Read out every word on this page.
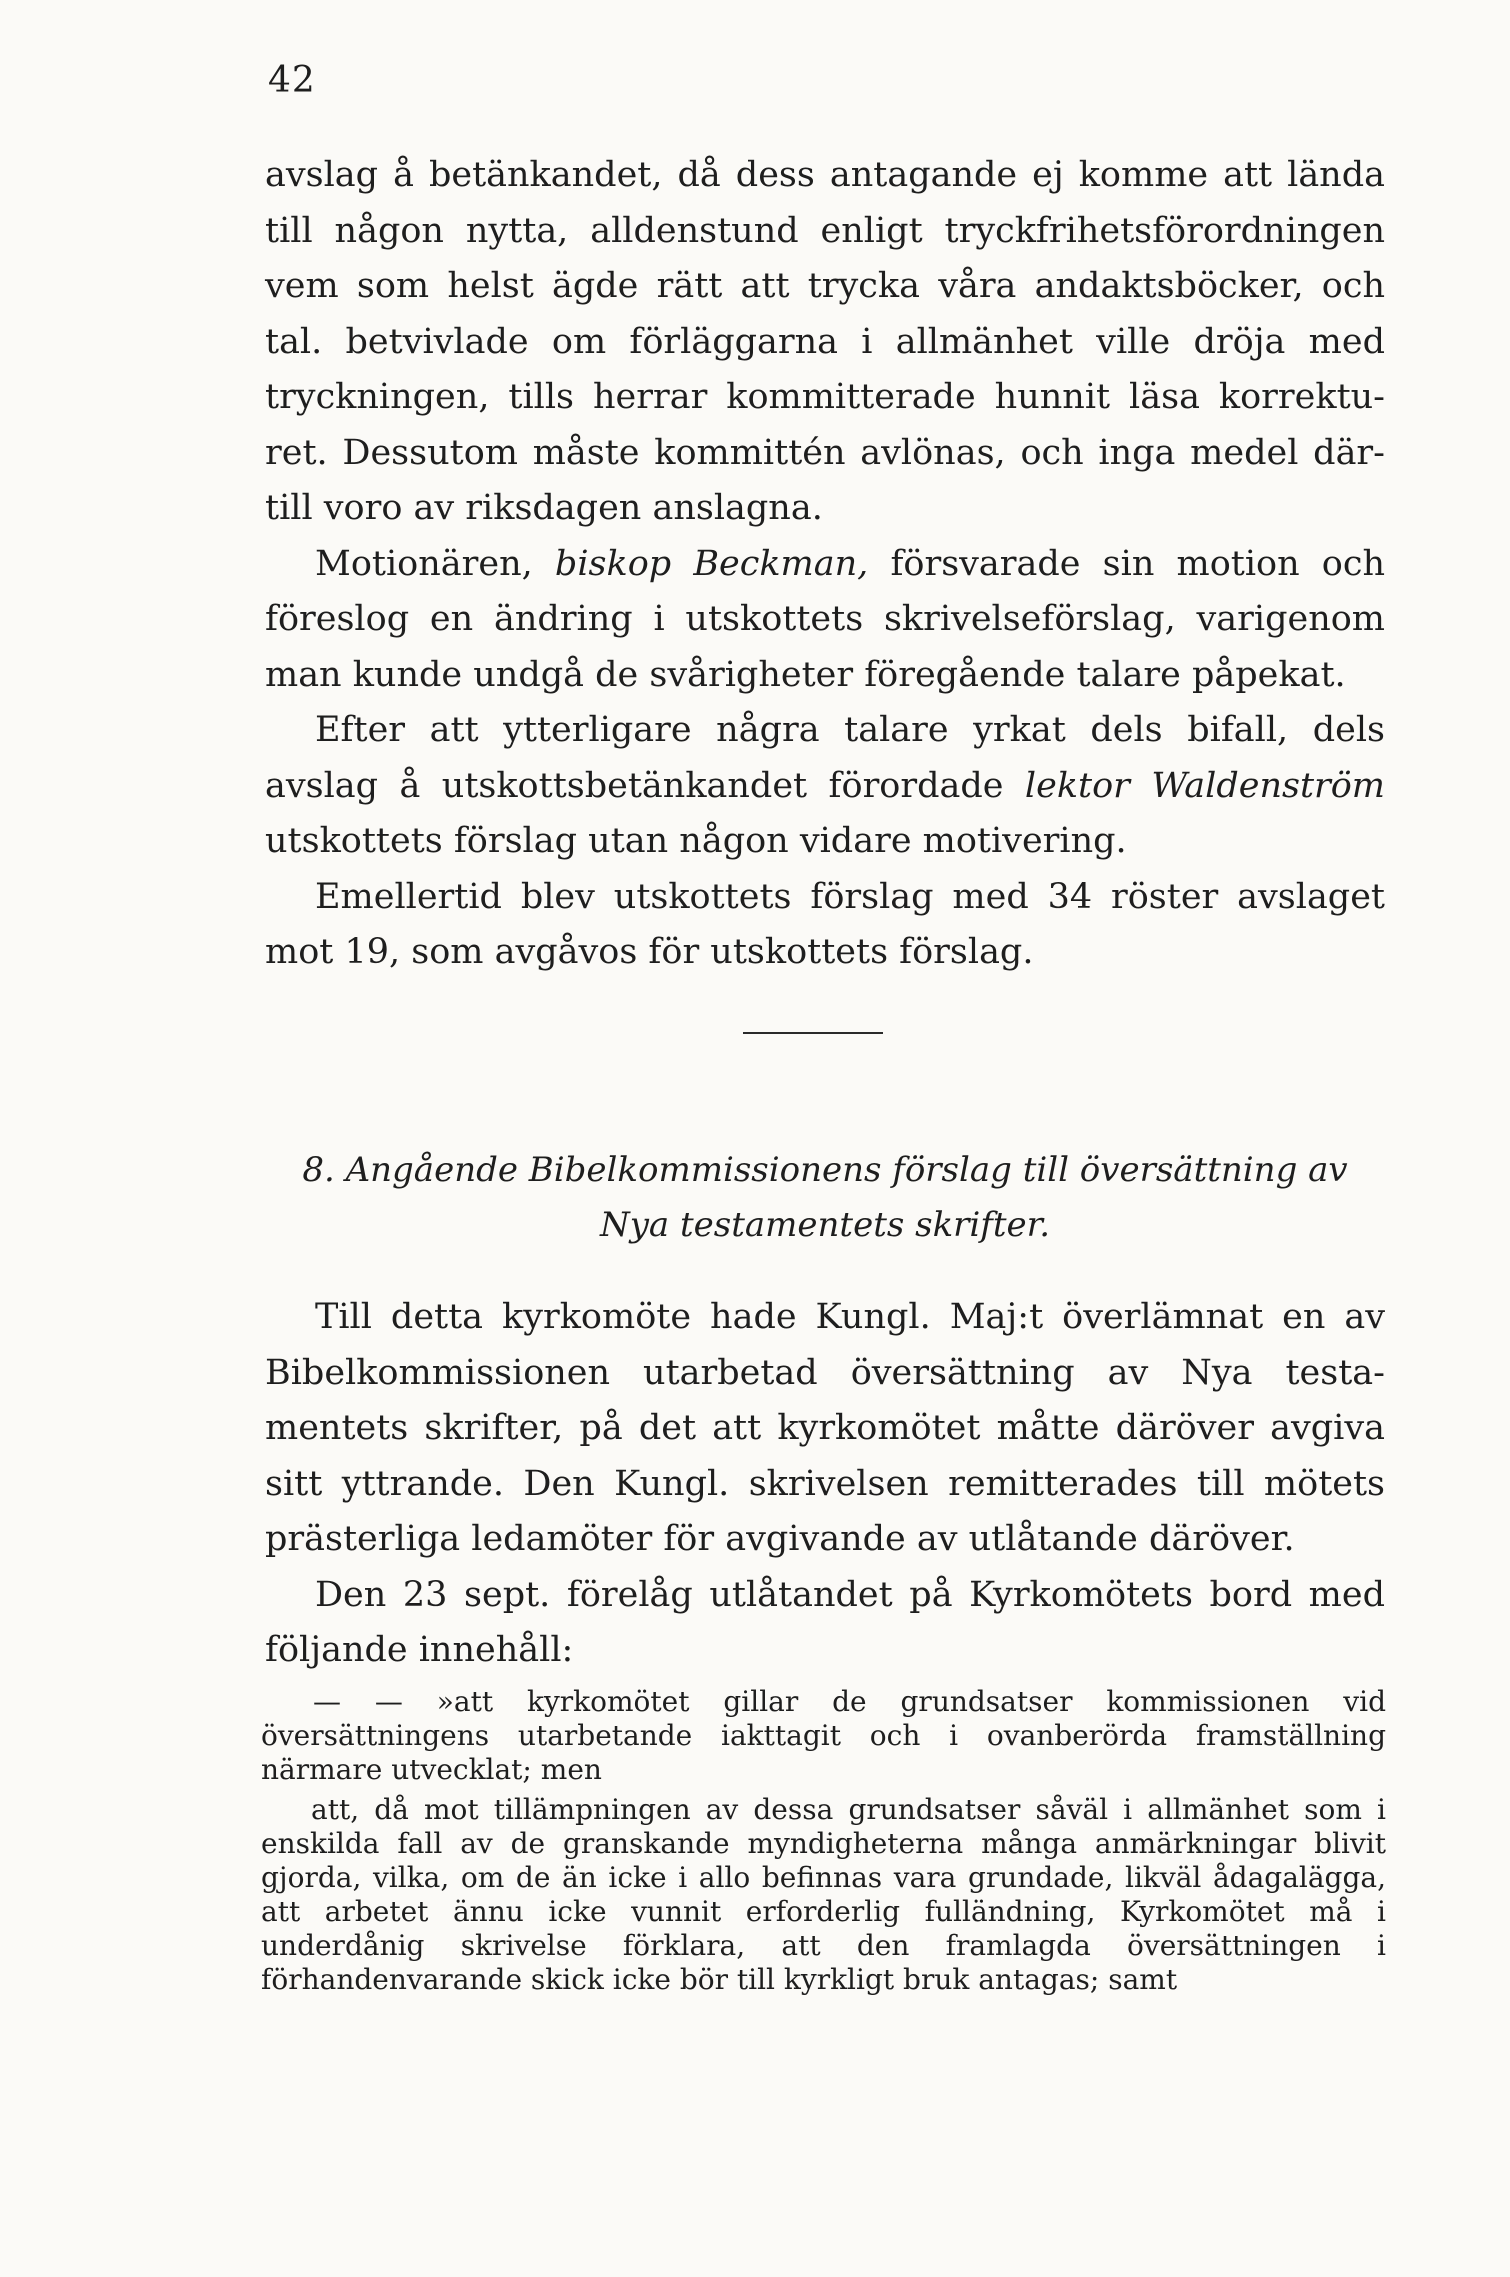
42

avslag å betänkandet, då dess antagande ej komme att lända till någon nytta, alldenstund enligt tryckfrihetsförordningen vem som helst ägde rätt att trycka våra andaktsböcker, och tal. betvivlade om förläggarna i allmänhet ville dröja med tryckningen, tills herrar kommitterade hunnit läsa korrekturet. Dessutom måste kommittén avlönas, och inga medel därtill voro av riksdagen anslagna.

Motionären, biskop Beckman, försvarade sin motion och föreslog en ändring i utskottets skrivelseförslag, varigenom man kunde undgå de svårigheter föregående talare påpekat.

Efter att ytterligare några talare yrkat dels bifall, dels avslag å utskottsbetänkandet förordade lektor Waldenström utskottets förslag utan någon vidare motivering.

Emellertid blev utskottets förslag med 34 röster avslaget mot 19, som avgåvos för utskottets förslag.

8. Angående Bibelkommissionens förslag till översättning av
Nya testamentets skrifter.

Till detta kyrkomöte hade Kungl. Maj:t överlämnat en av Bibelkommissionen utarbetad översättning av Nya testamentets skrifter, på det att kyrkomötet måtte däröver avgiva sitt yttrande. Den Kungl. skrivelsen remitterades till mötets prästerliga ledamöter för avgivande av utlåtande däröver.

Den 23 sept. förelåg utlåtandet på Kyrkomötets bord med följande innehåll:

— — »att kyrkomötet gillar de grundsatser kommissionen vid översättningens utarbetande iakttagit och i ovanberörda framställning närmare utvecklat; men

att, då mot tillämpningen av dessa grundsatser såväl i allmänhet som i enskilda fall av de granskande myndigheterna många anmärkningar blivit gjorda, vilka, om de än icke i allo befinnas vara grundade, likväl ådagalägga, att arbetet ännu icke vunnit erforderlig fulländning, Kyrkomötet må i underdånig skrivelse förklara, att den framlagda översättningen i förhandenvarande skick icke bör till kyrkligt bruk antagas; samt
